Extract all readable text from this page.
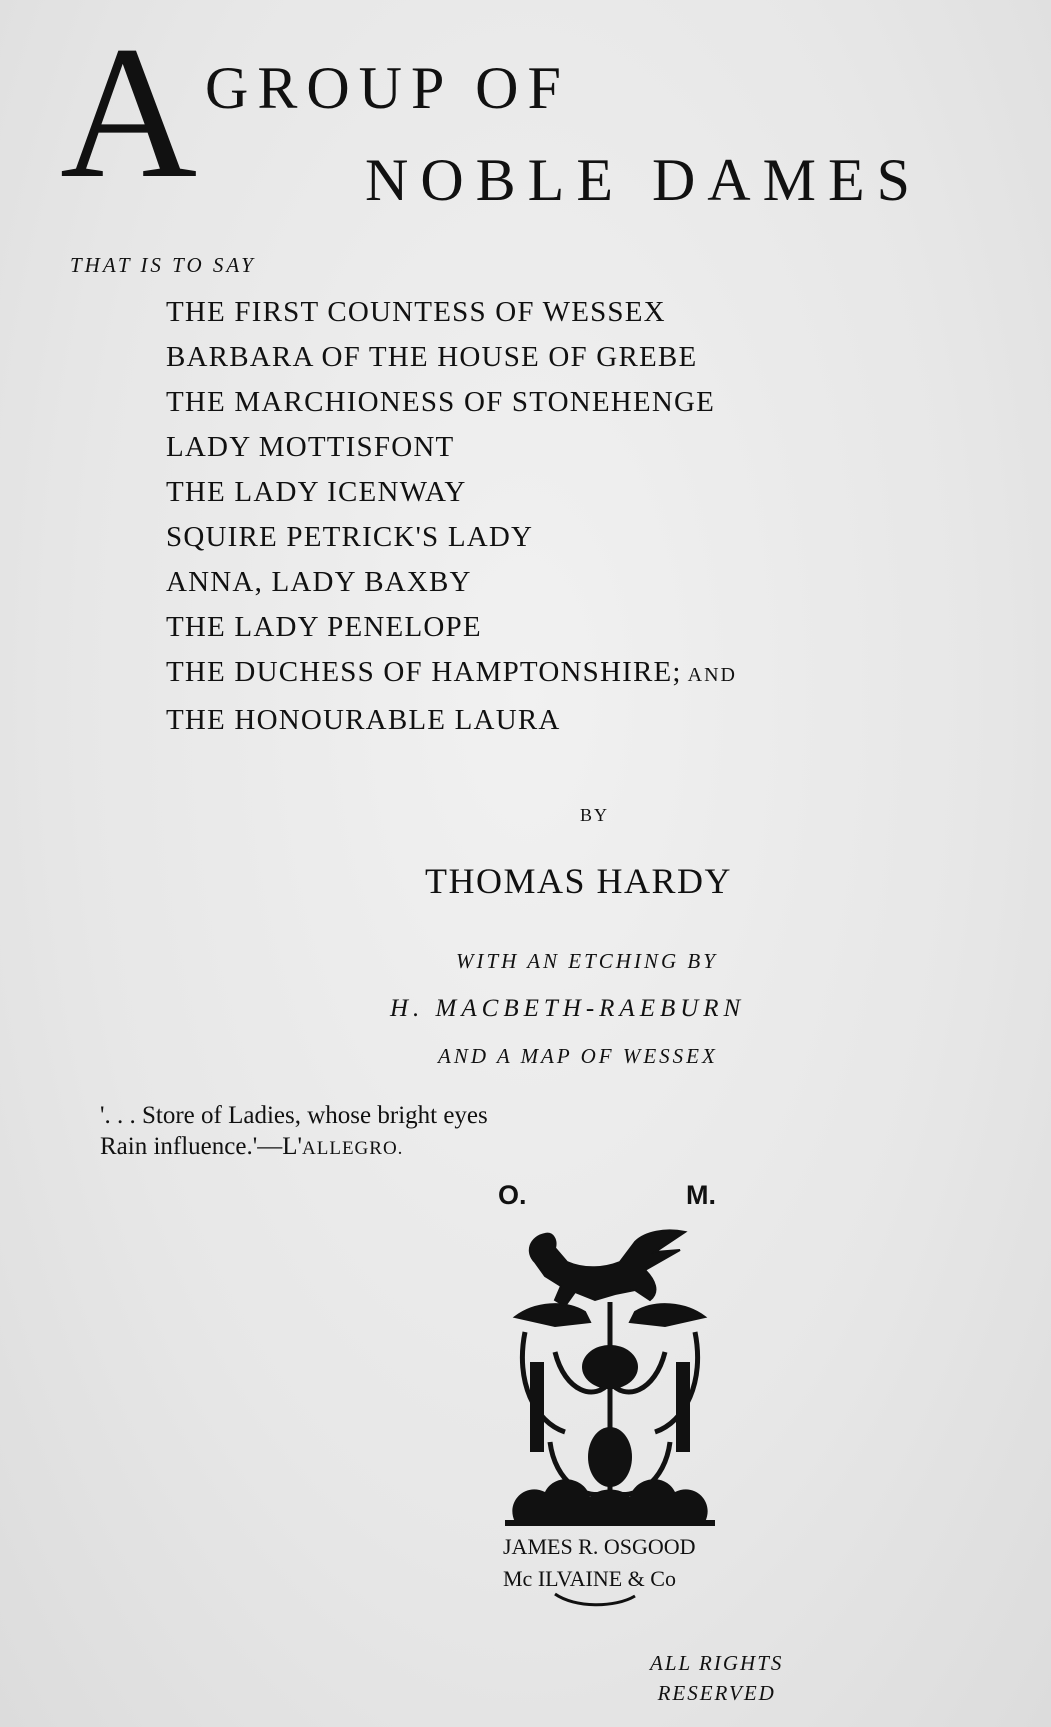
A GROUP OF
NOBLE DAMES
THAT IS TO SAY
THE FIRST COUNTESS OF WESSEX
BARBARA OF THE HOUSE OF GREBE
THE MARCHIONESS OF STONEHENGE
LADY MOTTISFONT
THE LADY ICENWAY
SQUIRE PETRICK'S LADY
ANNA, LADY BAXBY
THE LADY PENELOPE
THE DUCHESS OF HAMPTONSHIRE; AND
THE HONOURABLE LAURA
BY
THOMAS HARDY
WITH AN ETCHING BY
H. MACBETH-RAEBURN
AND A MAP OF WESSEX
'. . . Store of Ladies, whose bright eyes
Rain influence.'—L'ALLEGRO.
O.	M.
JAMES R. OSGOOD
Mc ILVAINE & Co
ALL RIGHTS
RESERVED
